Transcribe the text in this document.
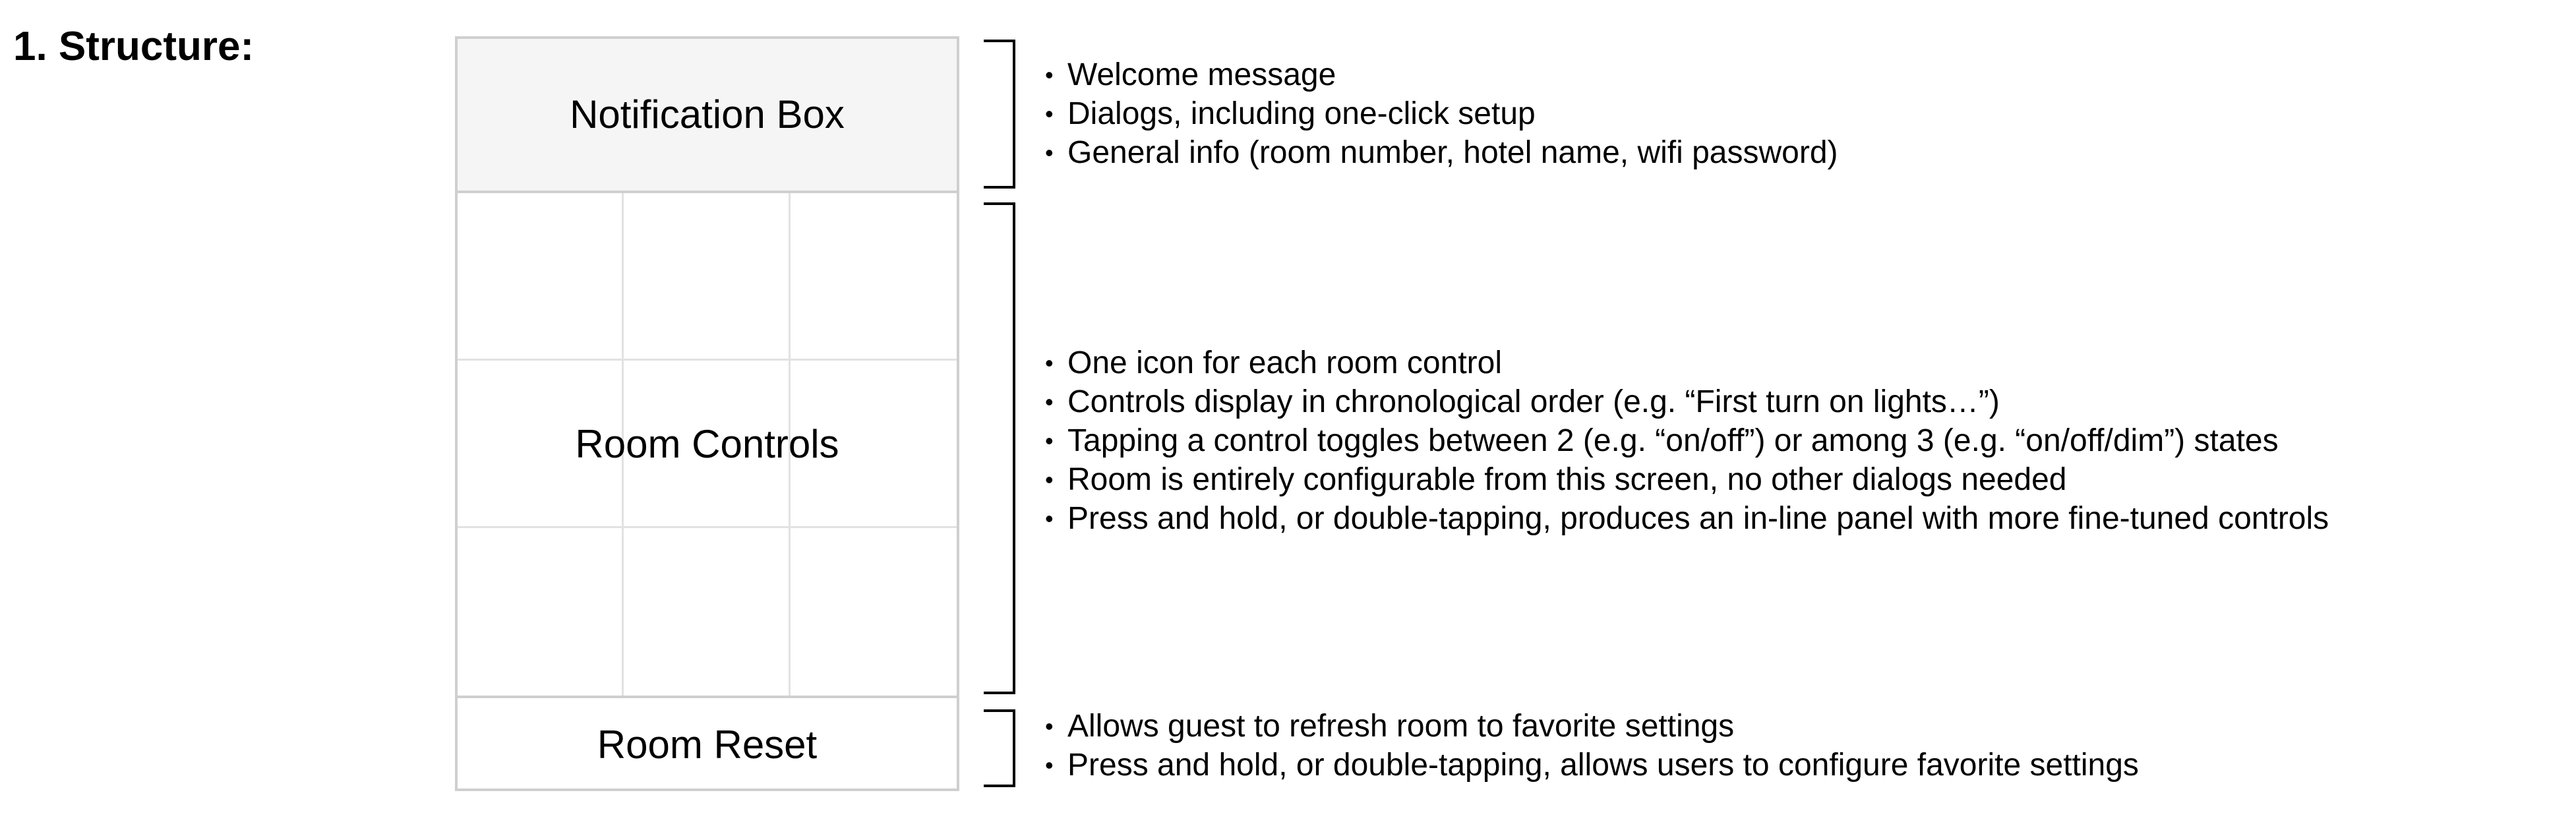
1. Structure:
Notification Box
Room Controls
Room Reset
• Welcome message
• Dialogs, including one-click setup
• General info (room number, hotel name, wifi password)
• One icon for each room control
• Controls display in chronological order (e.g. “First turn on lights…”)
• Tapping a control toggles between 2 (e.g. “on/off”) or among 3 (e.g. “on/off/dim”) states
• Room is entirely configurable from this screen, no other dialogs needed
• Press and hold, or double-tapping, produces an in-line panel with more fine-tuned controls
• Allows guest to refresh room to favorite settings
• Press and hold, or double-tapping, allows users to configure favorite settings
